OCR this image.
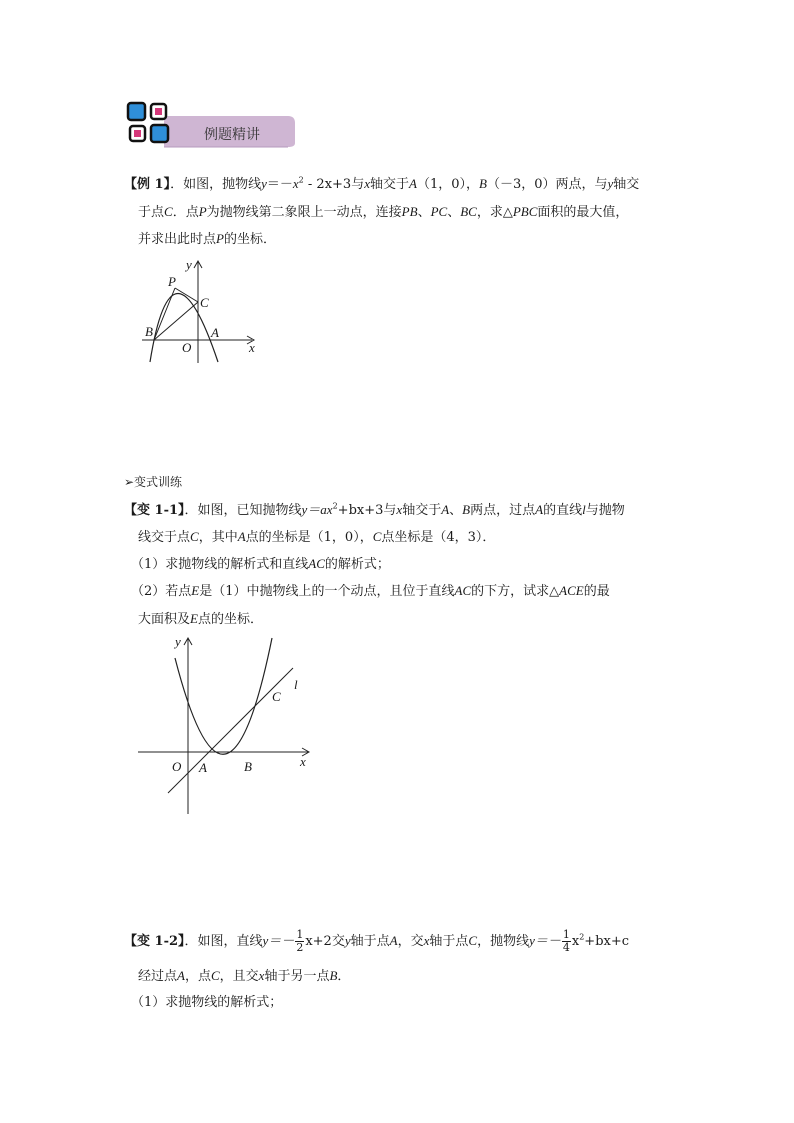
例题精讲
【例 1】．如图，抛物线$y=-x^2 - 2x+3$与x轴交于A（1，0），B（－3，0）两点，与y轴交
于点C．点P为抛物线第二象限上一动点，连接PB、PC、BC，求△PBC面积的最大值，
并求出此时点P的坐标．
y
x
P
C
B
O
A
➢变式训练
【变 1-1】．如图，已知抛物线$y=ax^2+bx+3$与x轴交于A、B两点，过点A的直线l与抛物
线交于点C，其中A点的坐标是（1，0），C点坐标是（4，3）．
（1）求抛物线的解析式和直线AC的解析式；
（2）若点E是（1）中抛物线上的一个动点，且位于直线AC的下方，试求△ACE的最
大面积及E点的坐标．
y
x
l
C
O A	B
【变 1-2】．如图，直线$y=- \frac{1}{2} x+2$交y轴于点A，交x轴于点C，抛物线$y=- \frac{1}{4} x^2+bx+c$
经过点A，点C，且交x轴于另一点B．
（1）求抛物线的解析式；
